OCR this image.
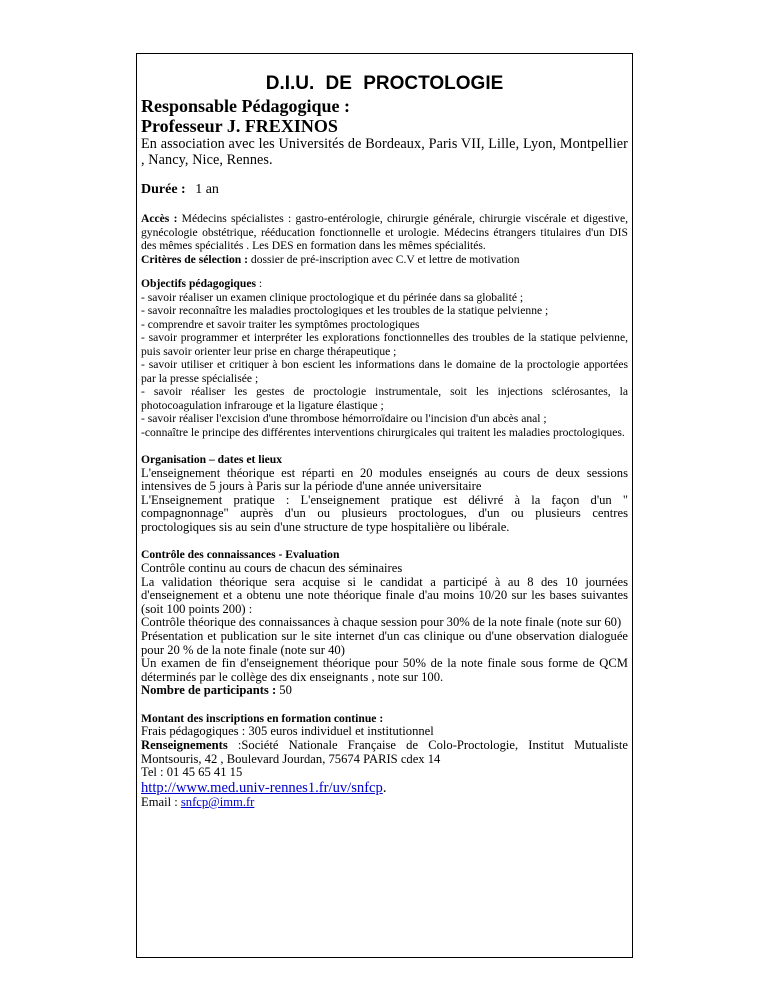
D.I.U. DE PROCTOLOGIE

Responsable Pédagogique :

Professeur J. FREXINOS

En association avec les Universités de Bordeaux, Paris VII, Lille, Lyon, Montpellier , Nancy, Nice, Rennes.

Durée : 1 an

Accès : Médecins spécialistes : gastro-entérologie, chirurgie générale, chirurgie viscérale et digestive, gynécologie obstétrique, rééducation fonctionnelle et urologie. Médecins étrangers titulaires d'un DIS des mêmes spécialités . Les DES en formation dans les mêmes spécialités.

Critères de sélection : dossier de pré-inscription avec C.V et lettre de motivation

Objectifs pédagogiques :

- savoir réaliser un examen clinique proctologique et du périnée dans sa globalité ;

- savoir reconnaître les maladies proctologiques et les troubles de la statique pelvienne ;

- comprendre et savoir traiter les symptômes proctologiques

- savoir programmer et interpréter les explorations fonctionnelles des troubles de la statique pelvienne, puis savoir orienter leur prise en charge thérapeutique ;

- savoir utiliser et critiquer à bon escient les informations dans le domaine de la proctologie apportées par la presse spécialisée ;

- savoir réaliser les gestes de proctologie instrumentale, soit les injections sclérosantes, la photocoagulation infrarouge et la ligature élastique ;

- savoir réaliser l'excision d'une thrombose hémorroïdaire ou l'incision d'un abcès anal ;

-connaître le principe des différentes interventions chirurgicales qui traitent les maladies proctologiques.

Organisation – dates et lieux

L'enseignement théorique est réparti en 20 modules enseignés au cours de deux sessions intensives de 5 jours à Paris sur la période d'une année universitaire

L'Enseignement pratique : L'enseignement pratique est délivré à la façon d'un " compagnonnage" auprès d'un ou plusieurs proctologues, d'un ou plusieurs centres proctologiques sis au sein d'une structure de type hospitalière ou libérale.

Contrôle des connaissances - Evaluation

Contrôle continu au cours de chacun des séminaires

La validation théorique sera acquise si le candidat a participé à au 8 des 10 journées d'enseignement et a obtenu une note théorique finale d'au moins 10/20 sur les bases suivantes (soit 100 points 200) :

Contrôle théorique des connaissances à chaque session pour 30% de la note finale (note sur 60)

Présentation et publication sur le site internet d'un cas clinique ou d'une observation dialoguée pour 20 % de la note finale (note sur 40)

Un examen de fin d'enseignement théorique pour 50% de la note finale sous forme de QCM déterminés par le collège des dix enseignants , note sur 100.

Nombre de participants : 50

Montant des inscriptions en formation continue :

Frais pédagogiques : 305 euros individuel et institutionnel

Renseignements :Société Nationale Française de Colo-Proctologie, Institut Mutualiste Montsouris, 42 , Boulevard Jourdan, 75674 PARIS cdex 14

Tel : 01 45 65 41 15

http://www.med.univ-rennes1.fr/uv/snfcp.

Email : snfcp@imm.fr
